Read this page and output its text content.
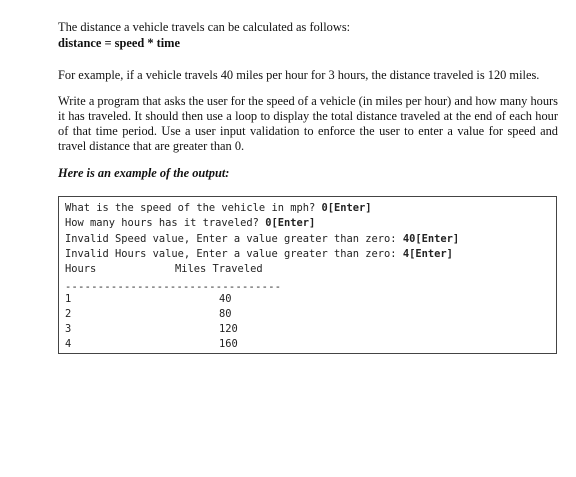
The distance a vehicle travels can be calculated as follows:

distance = speed * time

For example, if a vehicle travels 40 miles per hour for 3 hours, the distance traveled is 120 miles.

Write a program that asks the user for the speed of a vehicle (in miles per hour) and how many hours it has traveled. It should then use a loop to display the total distance traveled at the end of each hour of that time period. Use a user input validation to enforce the user to enter a value for speed and travel distance that are greater than 0.

Here is an example of the output:

What is the speed of the vehicle in mph? 0[Enter]
How many hours has it traveled? 0[Enter]
Invalid Speed value, Enter a value greater than zero: 40[Enter]
Invalid Hours value, Enter a value greater than zero: 4[Enter]
Hours	Miles Traveled
---------------------------------
1	40
2	80
3	120
4	160
